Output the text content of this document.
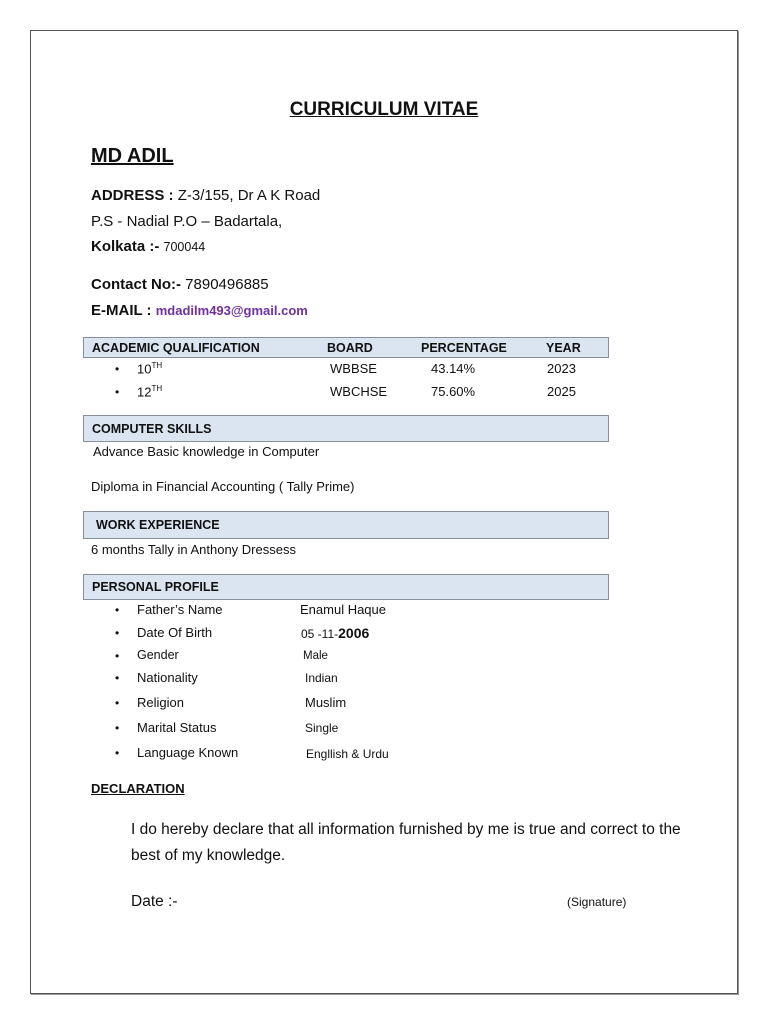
CURRICULUM VITAE
MD ADIL
ADDRESS : Z-3/155, Dr A K Road
P.S - Nadial P.O – Badartala,
Kolkata :- 700044
Contact No:- 7890496885
E-MAIL : mdadilm493@gmail.com
ACADEMIC QUALIFICATION	BOARD	PERCENTAGE	YEAR
• 10TH	WBBSE	43.14%	2023
• 12TH	WBCHSE	75.60%	2025
COMPUTER SKILLS
Advance Basic knowledge in Computer
Diploma in Financial Accounting ( Tally Prime)
WORK EXPERIENCE
6 months Tally in Anthony Dressess
PERSONAL PROFILE
• Father’s Name	Enamul Haque
• Date Of Birth	05 -11-2006
• Gender	Male
• Nationality	Indian
• Religion	Muslim
• Marital Status	Single
• Language Known	Engllish & Urdu
DECLARATION
I do hereby declare that all information furnished by me is true and correct to the best of my knowledge.
Date :-	(Signature)
